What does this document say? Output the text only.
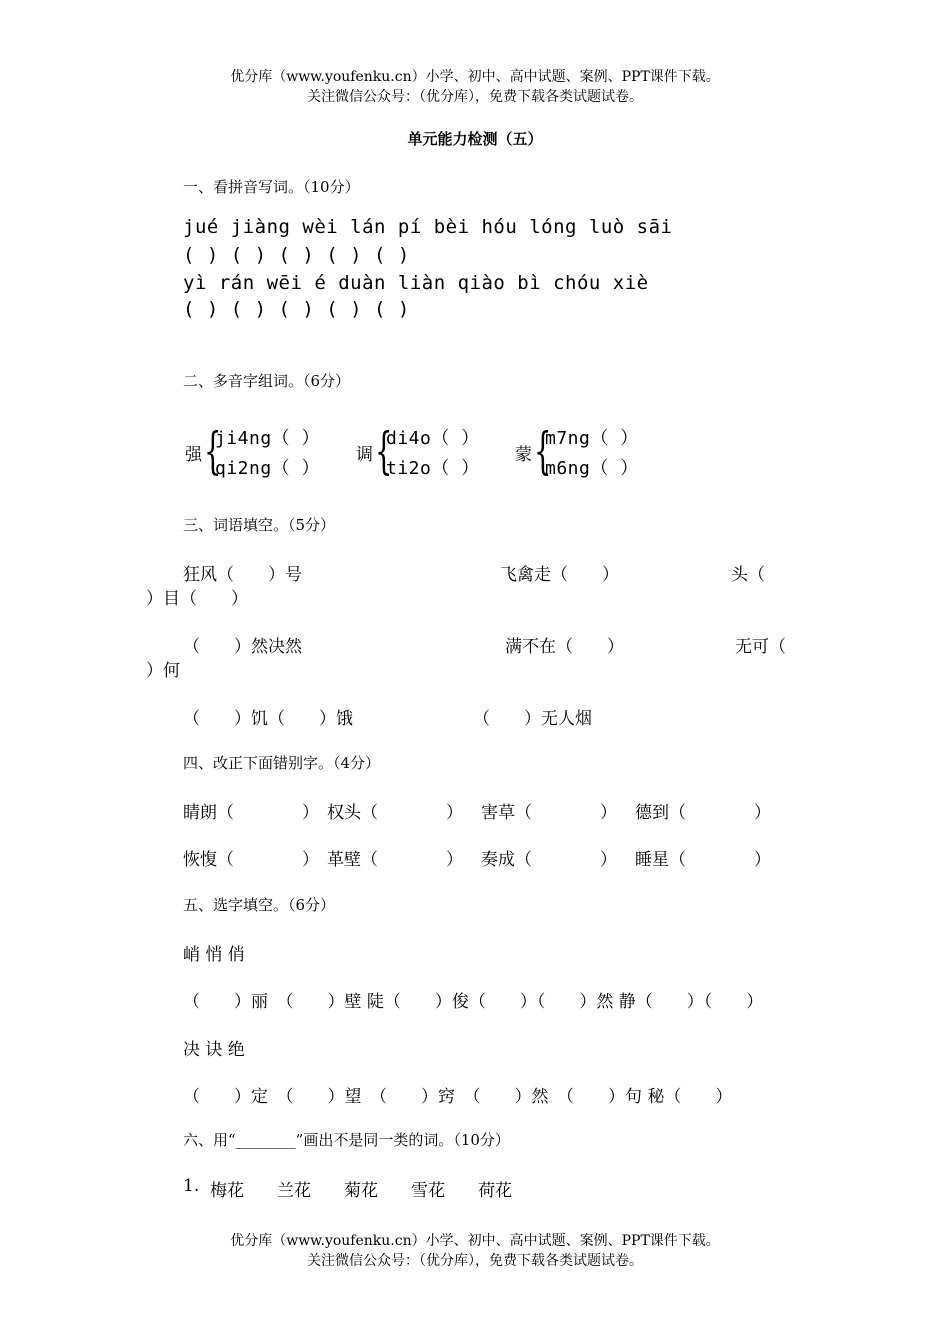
优分库（www.youfenku.cn）小学、初中、高中试题、案例、PPT课件下载。
关注微信公众号：（优分库），免费下载各类试题试卷。
单元能力检测（五）
一、看拼音写词。（10分）
jué jiàng wèi lán pí bèi hóu lóng luò sāi
( ) ( ) ( ) ( ) ( )
yì rán wēi é duàn liàn qiào bì chóu xiè
( ) ( ) ( ) ( ) ( )
二、多音字组词。（6分）
强 {
ji4ng（ ）
qi2ng（ ）
调 {
di4o（ ）
ti2o（ ）
蒙 {
m7ng（ ）
m6ng（ ）
三、词语填空。（5分）
狂风（　　）号	飞禽走（　　）	头（
）目（　　）
（　　）然决然	满不在（　　）	无可（
）何
（　　）饥（　　）饿	（　　）无人烟
四、改正下面错别字。（4分）
睛朗（　　　　） 权头（　　　　） 害草（　　　　） 德到（　　　　）
恢愎（　　　　） 革壁（　　　　） 奏成（　　　　） 睡星（　　　　）
五、选字填空。（6分）
峭 悄 俏
（　　）丽　（　　）壁 陡（　　）俊（　　）（　　）然 静（　　）（　　）
决 诀 绝
（　　）定　（　　）望　（　　）窍　（　　）然　（　　）句 秘（　　）
六、用“________”画出不是同一类的词。（10分）
1. 梅花 兰花 菊花 雪花 荷花
优分库（www.youfenku.cn）小学、初中、高中试题、案例、PPT课件下载。
关注微信公众号：（优分库），免费下载各类试题试卷。
